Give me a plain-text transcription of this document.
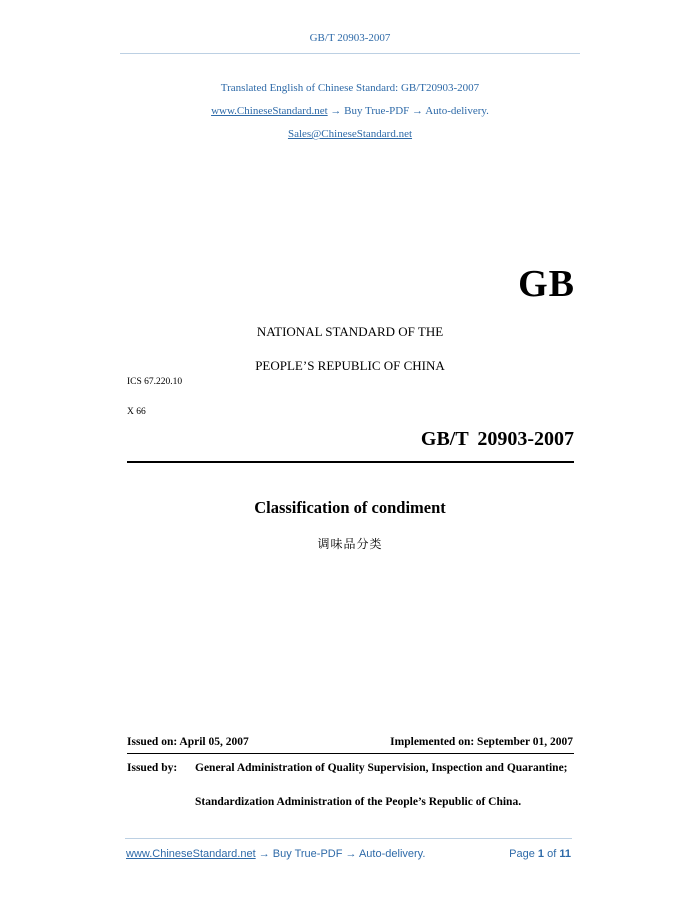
GB/T 20903-2007
Translated English of Chinese Standard: GB/T20903-2007
www.ChineseStandard.net → Buy True-PDF → Auto-delivery.
Sales@ChineseStandard.net
GB
NATIONAL STANDARD OF THE
PEOPLE’S REPUBLIC OF CHINA
ICS 67.220.10
X 66
GB/T 20903-2007
Classification of condiment
调味品分类
Issued on: April 05, 2007	Implemented on: September 01, 2007
Issued by: General Administration of Quality Supervision, Inspection and Quarantine;
Standardization Administration of the People’s Republic of China.
www.ChineseStandard.net → Buy True-PDF → Auto-delivery.	Page 1 of 11
